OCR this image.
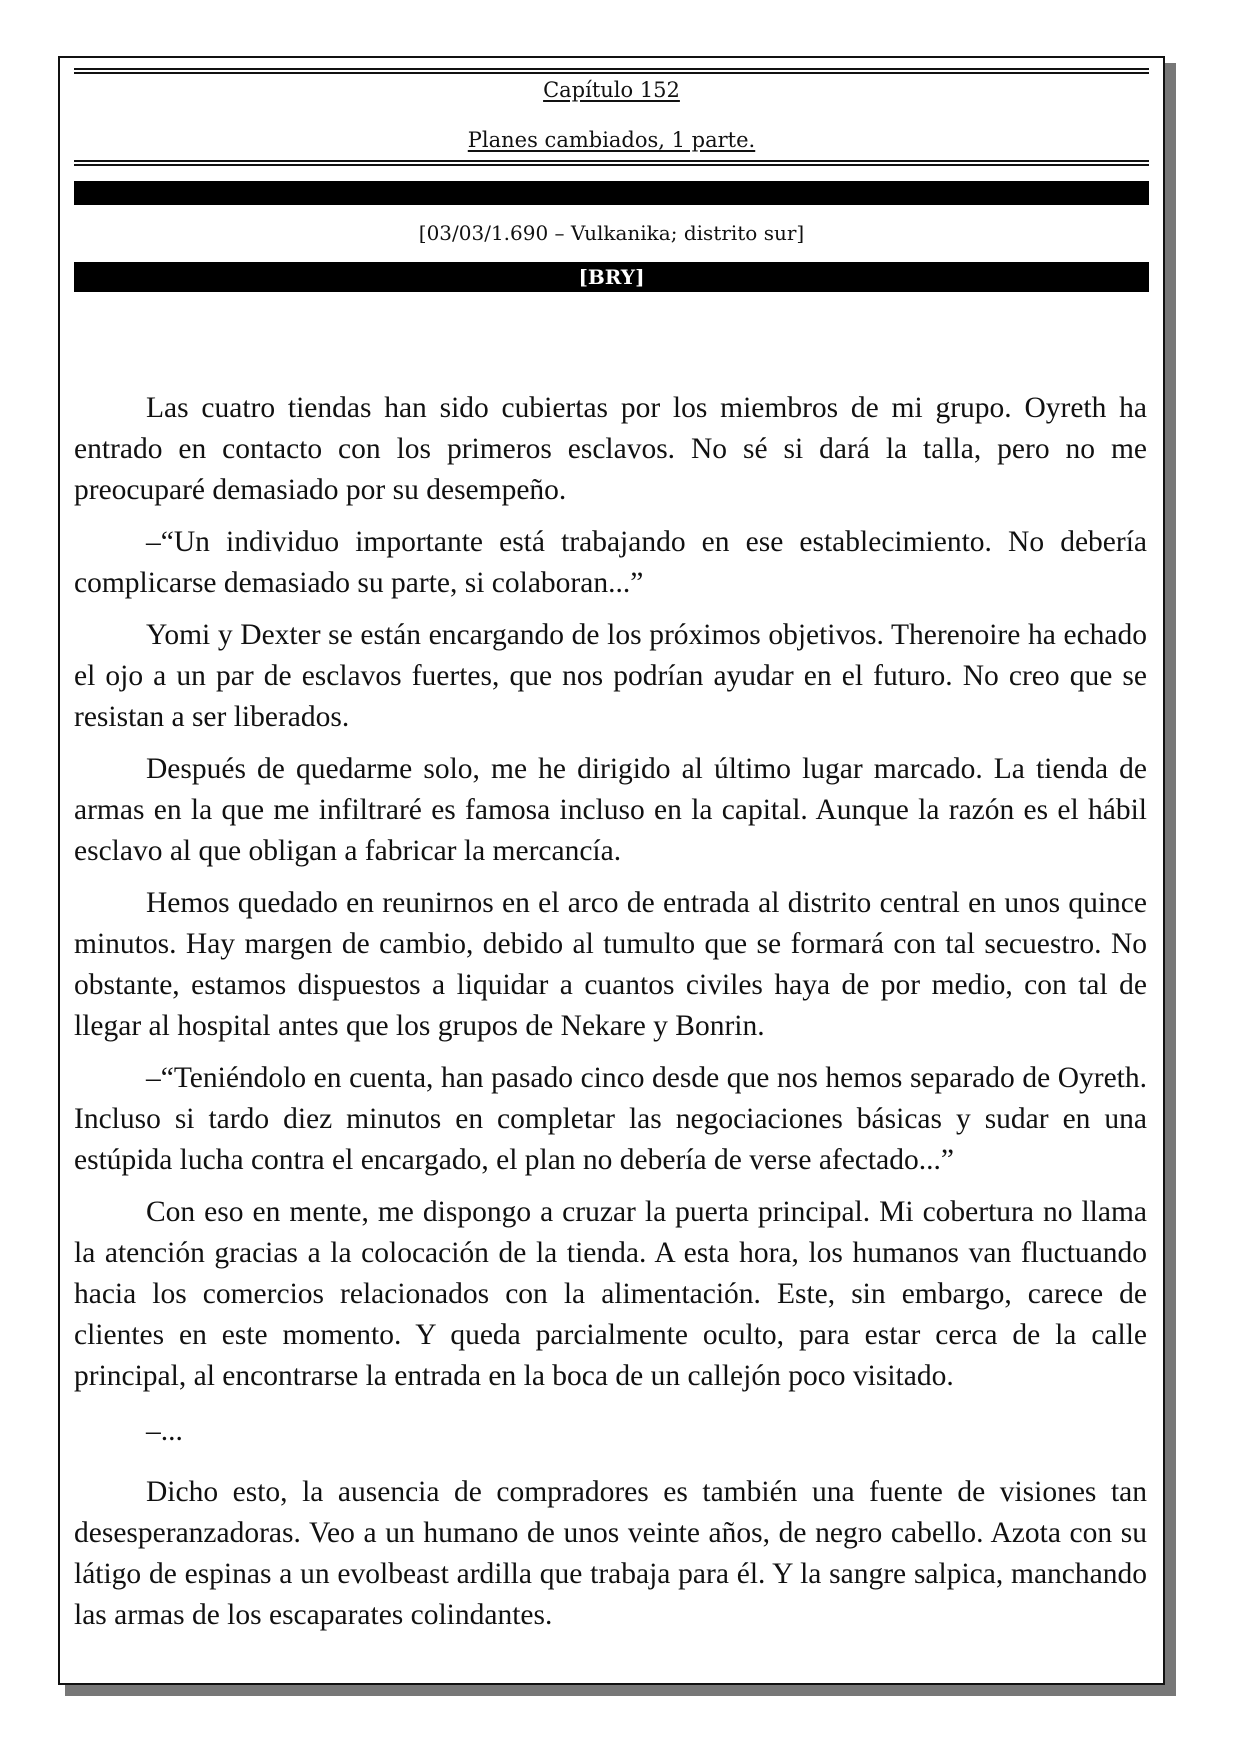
Capítulo 152
Planes cambiados, 1 parte.
[03/03/1.690 – Vulkanika; distrito sur]
[BRY]

Las cuatro tiendas han sido cubiertas por los miembros de mi grupo. Oyreth ha entrado en contacto con los primeros esclavos. No sé si dará la talla, pero no me preocuparé demasiado por su desempeño.

–“Un individuo importante está trabajando en ese establecimiento. No debería complicarse demasiado su parte, si colaboran...”

Yomi y Dexter se están encargando de los próximos objetivos. Therenoire ha echado el ojo a un par de esclavos fuertes, que nos podrían ayudar en el futuro. No creo que se resistan a ser liberados.

Después de quedarme solo, me he dirigido al último lugar marcado. La tienda de armas en la que me infiltraré es famosa incluso en la capital. Aunque la razón es el hábil esclavo al que obligan a fabricar la mercancía.

Hemos quedado en reunirnos en el arco de entrada al distrito central en unos quince minutos. Hay margen de cambio, debido al tumulto que se formará con tal secuestro. No obstante, estamos dispuestos a liquidar a cuantos civiles haya de por medio, con tal de llegar al hospital antes que los grupos de Nekare y Bonrin.

–“Teniéndolo en cuenta, han pasado cinco desde que nos hemos separado de Oyreth. Incluso si tardo diez minutos en completar las negociaciones básicas y sudar en una estúpida lucha contra el encargado, el plan no debería de verse afectado...”

Con eso en mente, me dispongo a cruzar la puerta principal. Mi cobertura no llama la atención gracias a la colocación de la tienda. A esta hora, los humanos van fluctuando hacia los comercios relacionados con la alimentación. Este, sin embargo, carece de clientes en este momento. Y queda parcialmente oculto, para estar cerca de la calle principal, al encontrarse la entrada en la boca de un callejón poco visitado.

–...

Dicho esto, la ausencia de compradores es también una fuente de visiones tan desesperanzadoras. Veo a un humano de unos veinte años, de negro cabello. Azota con su látigo de espinas a un evolbeast ardilla que trabaja para él. Y la sangre salpica, manchando las armas de los escaparates colindantes.
